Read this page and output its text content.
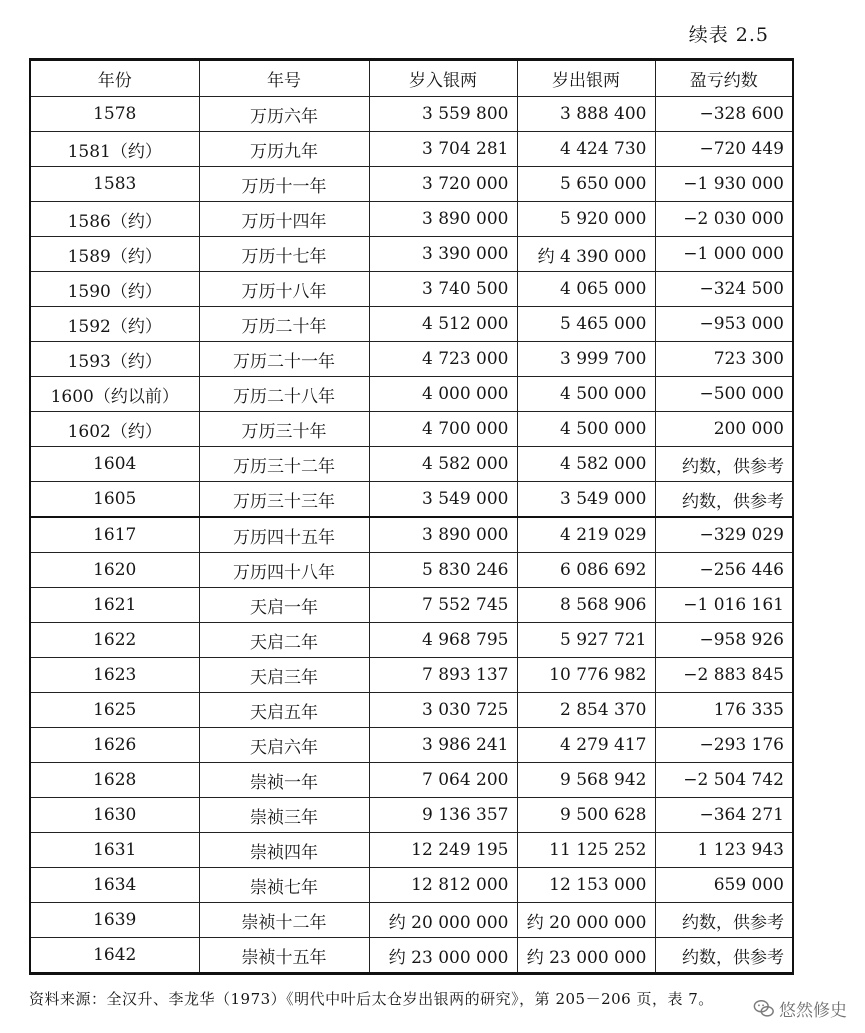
续表 2.5
年份	年号	岁入银两	岁出银两	盈亏约数
1578	万历六年	3 559 800	3 888 400	−328 600
1581（约）	万历九年	3 704 281	4 424 730	−720 449
1583	万历十一年	3 720 000	5 650 000	−1 930 000
1586（约）	万历十四年	3 890 000	5 920 000	−2 030 000
1589（约）	万历十七年	3 390 000	约 4 390 000	−1 000 000
1590（约）	万历十八年	3 740 500	4 065 000	−324 500
1592（约）	万历二十年	4 512 000	5 465 000	−953 000
1593（约）	万历二十一年	4 723 000	3 999 700	723 300
1600（约以前）	万历二十八年	4 000 000	4 500 000	−500 000
1602（约）	万历三十年	4 700 000	4 500 000	200 000
1604	万历三十二年	4 582 000	4 582 000	约数，供参考
1605	万历三十三年	3 549 000	3 549 000	约数，供参考
1617	万历四十五年	3 890 000	4 219 029	−329 029
1620	万历四十八年	5 830 246	6 086 692	−256 446
1621	天启一年	7 552 745	8 568 906	−1 016 161
1622	天启二年	4 968 795	5 927 721	−958 926
1623	天启三年	7 893 137	10 776 982	−2 883 845
1625	天启五年	3 030 725	2 854 370	176 335
1626	天启六年	3 986 241	4 279 417	−293 176
1628	崇祯一年	7 064 200	9 568 942	−2 504 742
1630	崇祯三年	9 136 357	9 500 628	−364 271
1631	崇祯四年	12 249 195	11 125 252	1 123 943
1634	崇祯七年	12 812 000	12 153 000	659 000
1639	崇祯十二年	约 20 000 000	约 20 000 000	约数，供参考
1642	崇祯十五年	约 23 000 000	约 23 000 000	约数，供参考
资料来源：全汉升、李龙华（1973）《明代中叶后太仓岁出银两的研究》，第 205－206 页，表 7。
悠然修史
